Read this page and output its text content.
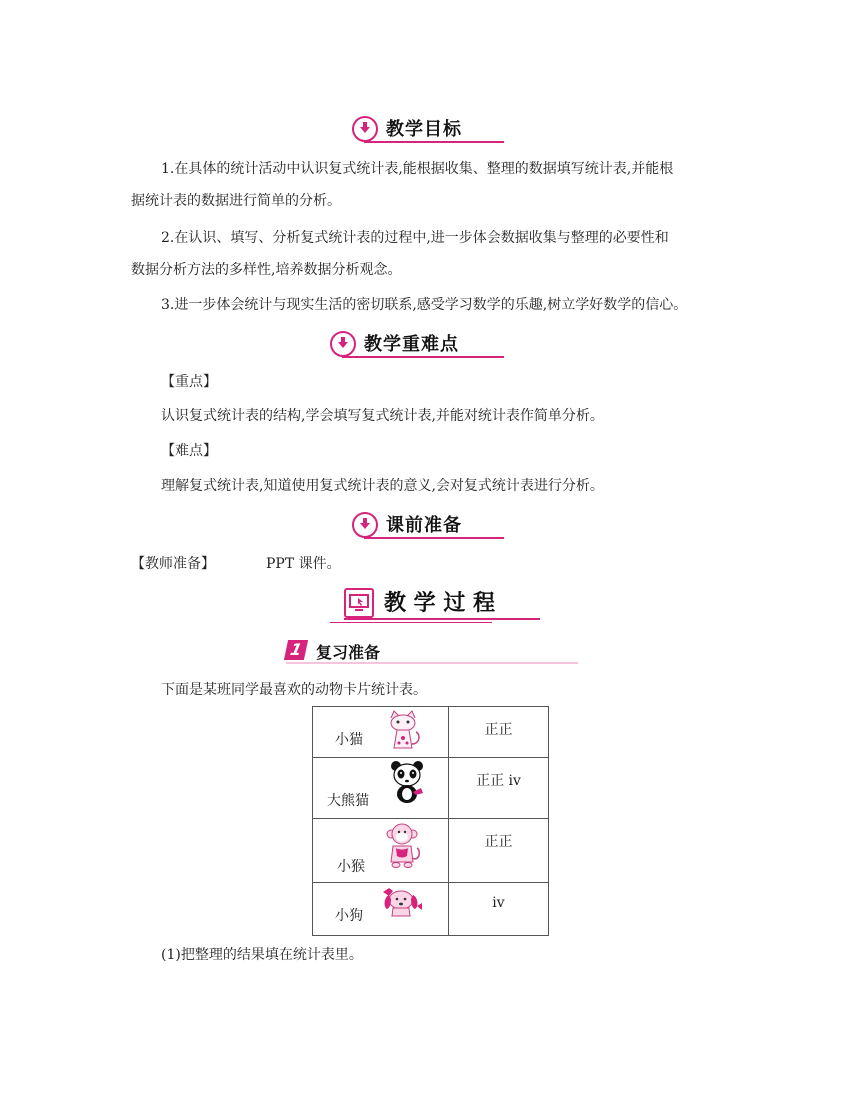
教学目标
1.在具体的统计活动中认识复式统计表,能根据收集、整理的数据填写统计表,并能根
据统计表的数据进行简单的分析。
2.在认识、填写、分析复式统计表的过程中,进一步体会数据收集与整理的必要性和
数据分析方法的多样性,培养数据分析观念。
3.进一步体会统计与现实生活的密切联系,感受学习数学的乐趣,树立学好数学的信心。
教学重难点
【重点】
认识复式统计表的结构,学会填写复式统计表,并能对统计表作简单分析。
【难点】
理解复式统计表,知道使用复式统计表的意义,会对复式统计表进行分析。
课前准备
【教师准备】	PPT 课件。
教 学 过 程
1 复习准备
下面是某班同学最喜欢的动物卡片统计表。
小猫	正正

大熊猫	正正 ⅳ

小猴	正正

小狗	ⅳ
(1)把整理的结果填在统计表里。
